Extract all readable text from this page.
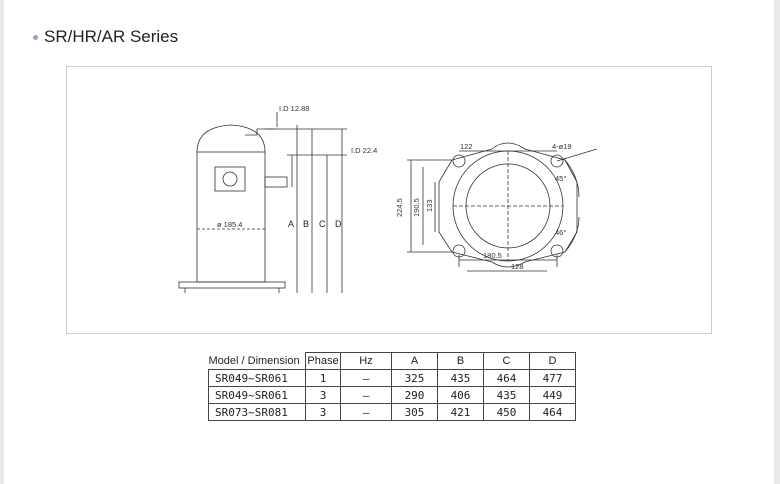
SR/HR/AR Series
I.D 12.88
I.D 22.4
ø 185.4	A B C D
122	4-ø19
45°
46°
224.5 190.5 133
180.5
128
Model / Dimension	Phase	Hz	A	B	C	D
SR049~SR061	1	—	325	435	464	477
SR049~SR061	3	—	290	406	435	449
SR073~SR081	3	—	305	421	450	464
